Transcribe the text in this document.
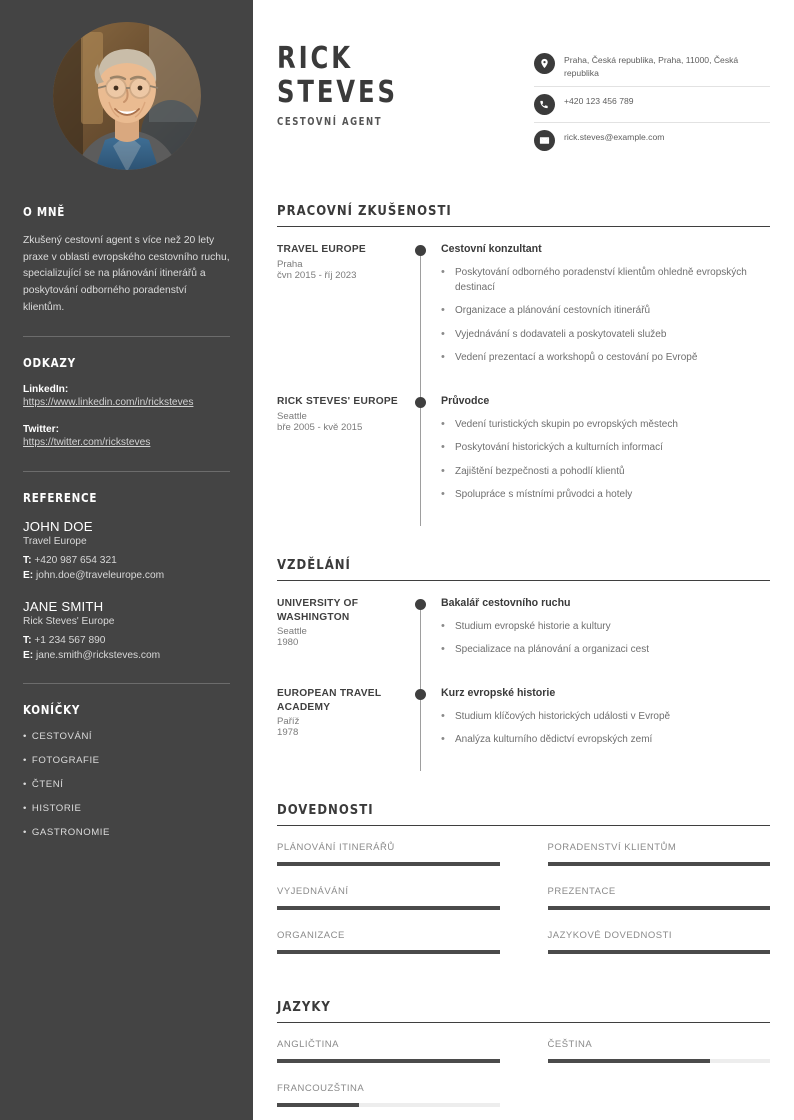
O MNĚ
Zkušený cestovní agent s více než 20 lety praxe v oblasti evropského cestovního ruchu, specializující se na plánování itinerářů a poskytování odborného poradenství klientům.
ODKAZY
LinkedIn:
https://www.linkedin.com/in/ricksteves
Twitter:
https://twitter.com/ricksteves
REFERENCE
JOHN DOE
Travel Europe
T: +420 987 654 321
E: john.doe@traveleurope.com
JANE SMITH
Rick Steves' Europe
T: +1 234 567 890
E: jane.smith@ricksteves.com
KONÍČKY
• CESTOVÁNÍ
• FOTOGRAFIE
• ČTENÍ
• HISTORIE
• GASTRONOMIE
RICK
STEVES
CESTOVNÍ AGENT
Praha, Česká republika, Praha, 11000, Česká republika
+420 123 456 789
rick.steves@example.com
PRACOVNÍ ZKUŠENOSTI
TRAVEL EUROPE
Praha
čvn 2015 - říj 2023
Cestovní konzultant
• Poskytování odborného poradenství klientům ohledně evropských destinací
• Organizace a plánování cestovních itinerářů
• Vyjednávání s dodavateli a poskytovateli služeb
• Vedení prezentací a workshopů o cestování po Evropě
RICK STEVES' EUROPE
Seattle
bře 2005 - kvě 2015
Průvodce
• Vedení turistických skupin po evropských městech
• Poskytování historických a kulturních informací
• Zajištění bezpečnosti a pohodlí klientů
• Spolupráce s místními průvodci a hotely
VZDĚLÁNÍ
UNIVERSITY OF WASHINGTON
Seattle
1980
Bakalář cestovního ruchu
• Studium evropské historie a kultury
• Specializace na plánování a organizaci cest
EUROPEAN TRAVEL ACADEMY
Paříž
1978
Kurz evropské historie
• Studium klíčových historických události v Evropě
• Analýza kulturního dědictví evropských zemí
DOVEDNOSTI
PLÁNOVÁNÍ ITINERÁŘŮ	PORADENSTVÍ KLIENTŮM
VYJEDNÁVÁNÍ	PREZENTACE
ORGANIZACE	JAZYKOVÉ DOVEDNOSTI
JAZYKY
ANGLIČTINA	ČEŠTINA
FRANCOUZŠTINA
